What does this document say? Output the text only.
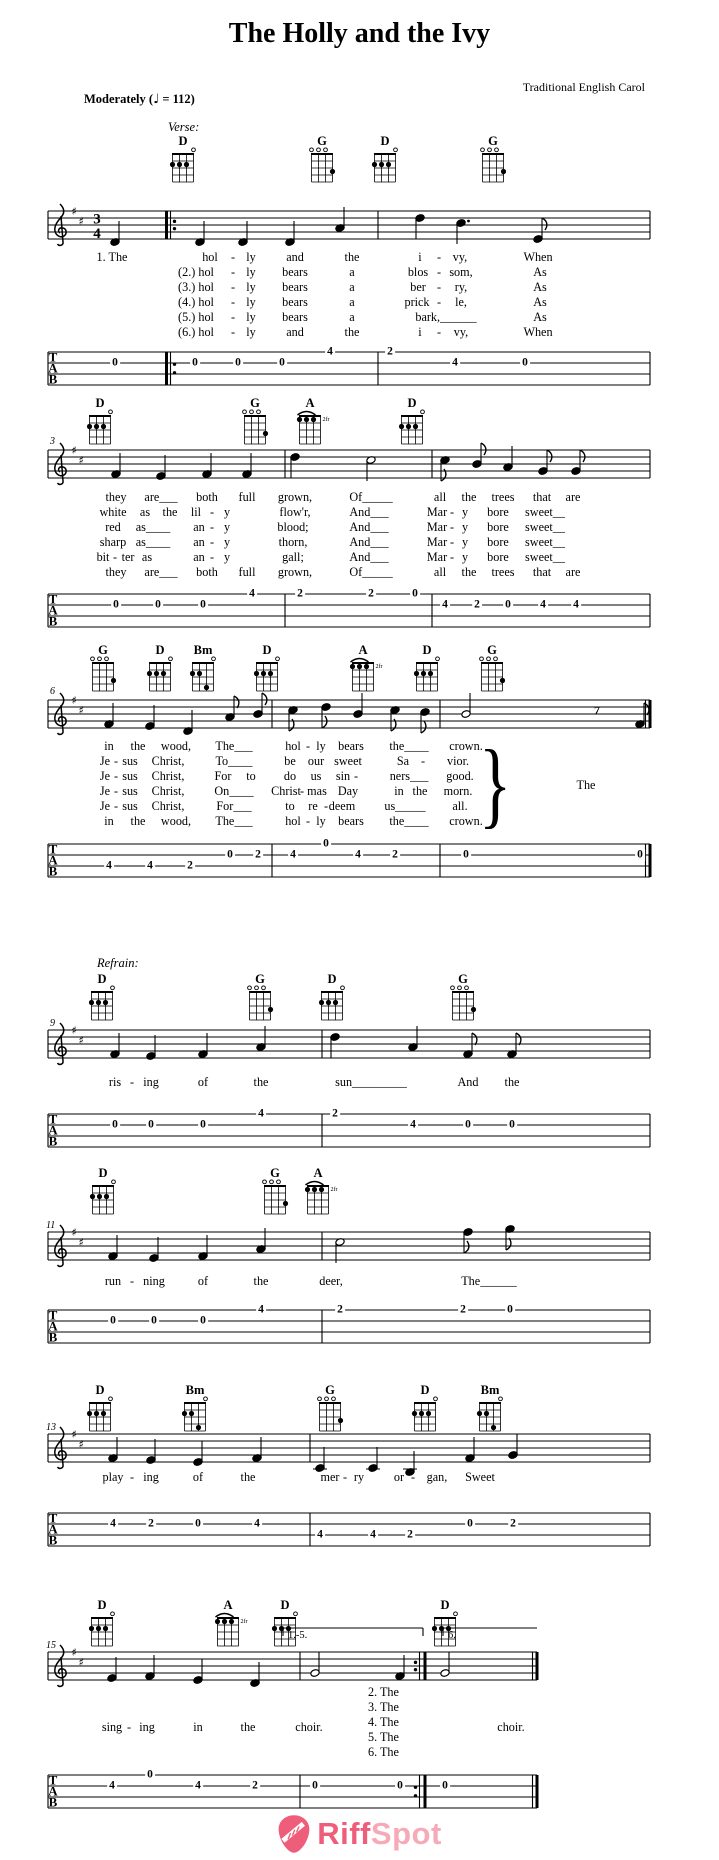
The Holly and the Ivy
Traditional English Carol
Moderately (♩ = 112)
♯
♯ 3
4
2fr
♯
♯
2fr
♯
♯
♯
♯
2fr
♯
♯
♯
♯
2fr
♯
♯
Verse:
D	G	D	G
1. The	hol - ly and	the	i - vy,	When
(2.) hol - ly bears	a	blos - som,	As
(3.) hol - ly bears	a	ber - ry,	As
(4.) hol - ly bears	a	prick - le,	As
(5.) hol - ly bears	a	bark,______	As
(6.) hol - ly and	the	i - vy,	When
T
A
B
0	0	0	0
4	2
4	0
3
D	G	A	D
they are___ both full grown,	Of_____	all the trees that are
white as the lil - y	flow'r,	And___	Mar - y bore sweet__
red as____ an - y	blood;	And___	Mar - y bore sweet__
sharp as____ an - y	thorn,	And___	Mar - y bore sweet__
bit - ter as	an - y	gall;	And___	Mar - y bore sweet__
they are___ both full grown,	Of_____	all the trees that are
T
A
B
0	0	0
4	2	2	0
4 2 0	4 4
6
G	D Bm	D	A	D	G
7
in the wood, The___	hol - ly bears the____ crown.
Je - sus Christ,	To____	be our sweet	Sa - vior.
Je - sus Christ, For to do us sin -	ners___ good.
Je - sus Christ, On____ Christ - mas Day	in the morn.
Je - sus Christ,	For___	to re - deem us_____ all.
in the wood, The___	hol - ly bears the____ crown.
}	The
T
A
B	4	4	2
0 2	4
0
4	2	0	0
Refrain:
9
D	G	D	G
ris - ing	of	the	sun_________	And the
T
A
B
0	0	0
4	2
4	0	0
11
D	G	A
run - ning	of	the	deer,	The______
T
A
B
0	0	0
4	2	2	0
13
D	Bm	G	D	Bm
play - ing	of	the	mer - ry or - gan, Sweet
T
A
B
4	2	0	4
4	4	2
0	2
15
D	A	D	D
1.-5.	6.
sing - ing	in	the	choir.	choir.
2. The
3. The
4. The
5. The
6. The
T
A
B
4
0
4	2	0	0	0
RiffSpot
